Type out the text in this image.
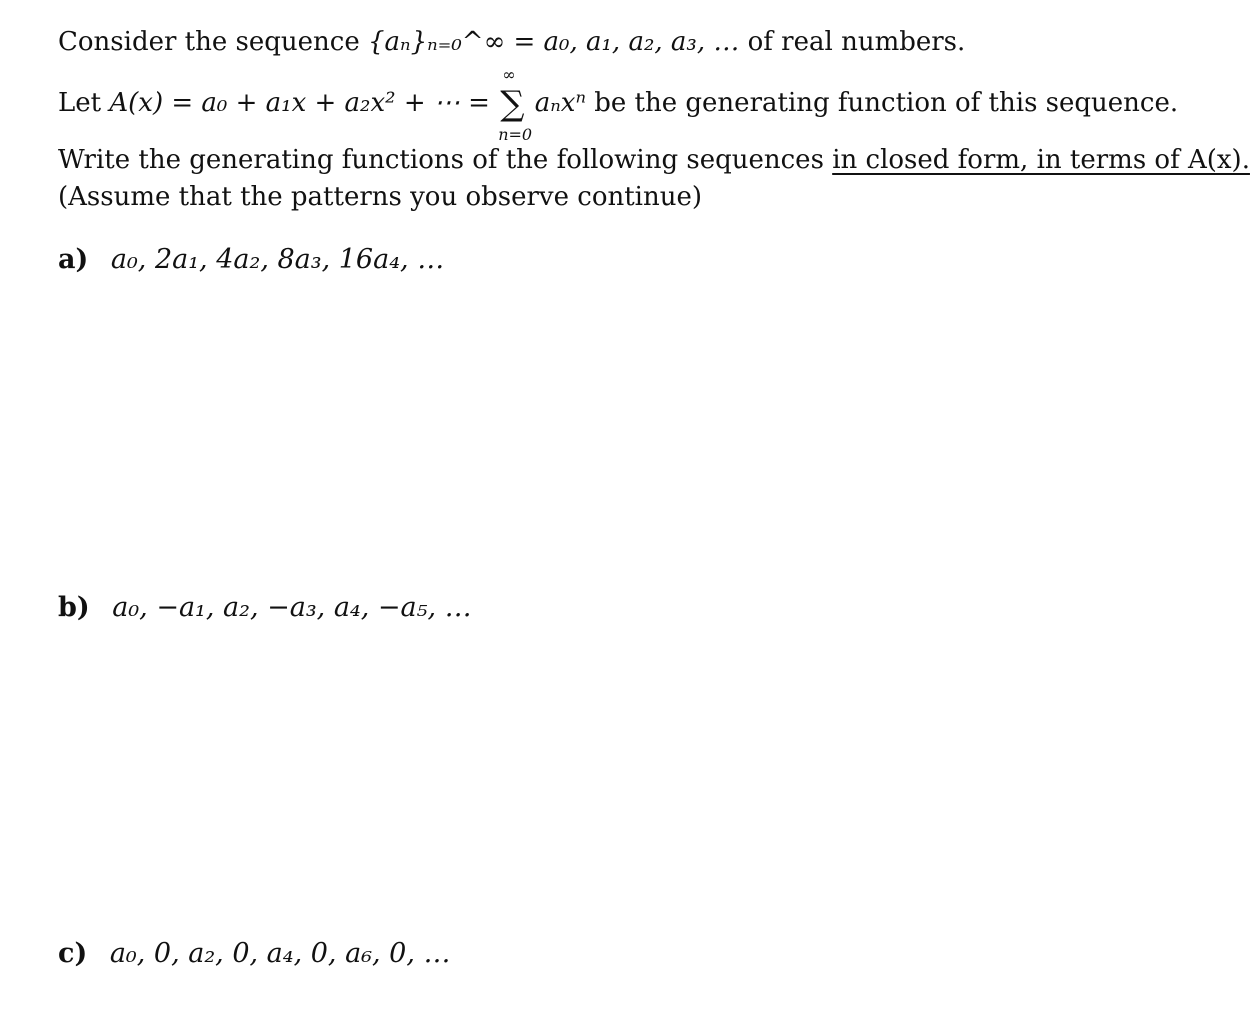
Consider the sequence {aₙ}ₙ₌₀^∞ = a₀, a₁, a₂, a₃, … of real numbers.
Let A(x) = a₀ + a₁x + a₂x² + ⋯ =
∞
∑
n=0
aₙxⁿ be the generating function of this sequence.
Write the generating functions of the following sequences in closed form, in terms of A(x).
(Assume that the patterns you observe continue)
a) a₀, 2a₁, 4a₂, 8a₃, 16a₄, …
b) a₀, −a₁, a₂, −a₃, a₄, −a₅, …
c) a₀, 0, a₂, 0, a₄, 0, a₆, 0, …
